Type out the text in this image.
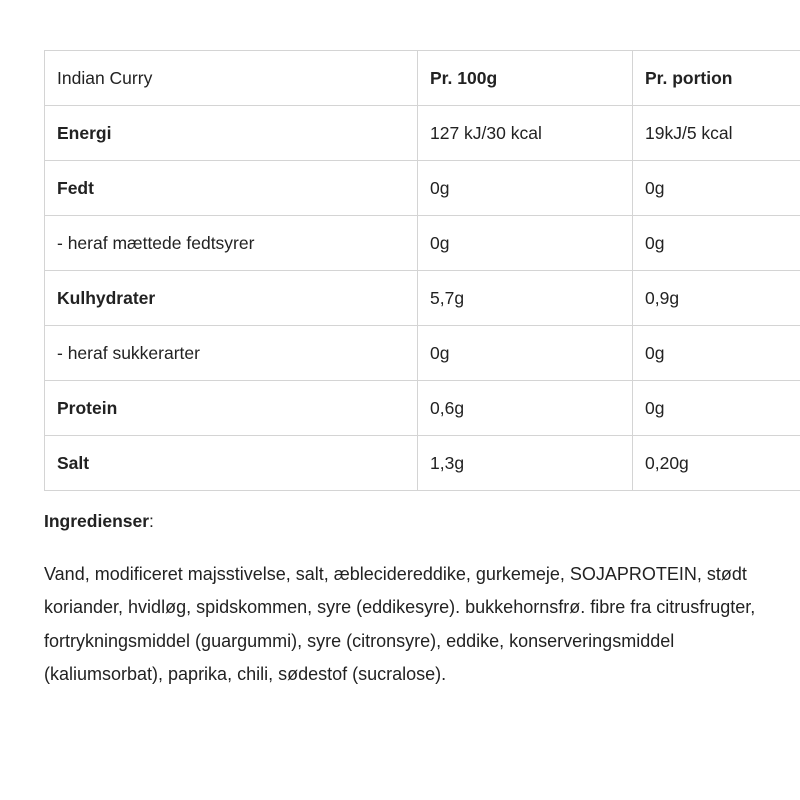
Indian Curry	Pr. 100g	Pr. portion
Energi	127 kJ/30 kcal	19kJ/5 kcal
Fedt	0g	0g
- heraf mættede fedtsyrer	0g	0g
Kulhydrater	5,7g	0,9g
- heraf sukkerarter	0g	0g
Protein	0,6g	0g
Salt	1,3g	0,20g

Ingredienser:

Vand, modificeret majsstivelse, salt, æblecidereddike, gurkemeje, SOJAPROTEIN, stødt koriander, hvidløg, spidskommen, syre (eddikesyre). bukkehornsfrø. fibre fra citrusfrugter, fortrykningsmiddel (guargummi), syre (citronsyre), eddike, konserveringsmiddel (kaliumsorbat), paprika, chili, sødestof (sucralose).
